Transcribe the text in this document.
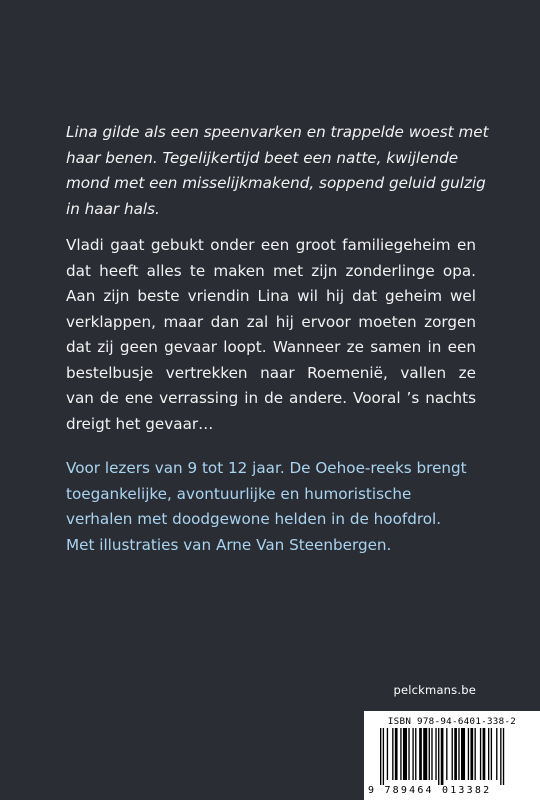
Lina gilde als een speenvarken en trappelde woest met
haar benen. Tegelijkertijd beet een natte, kwijlende
mond met een misselijkmakend, soppend geluid gulzig
in haar hals.
Vladi gaat gebukt onder een groot familiegeheim en
dat heeft alles te maken met zijn zonderlinge opa.
Aan zijn beste vriendin Lina wil hij dat geheim wel
verklappen, maar dan zal hij ervoor moeten zorgen
dat zij geen gevaar loopt. Wanneer ze samen in een
bestelbusje vertrekken naar Roemenië, vallen ze
van de ene verrassing in de andere. Vooral ’s nachts
dreigt het gevaar…
Voor lezers van 9 tot 12 jaar. De Oehoe-reeks brengt
toegankelijke, avontuurlijke en humoristische
verhalen met doodgewone helden in de hoofdrol.
Met illustraties van Arne Van Steenbergen.
pelckmans.be
ISBN 978-94-6401-338-2
9 789464 013382
